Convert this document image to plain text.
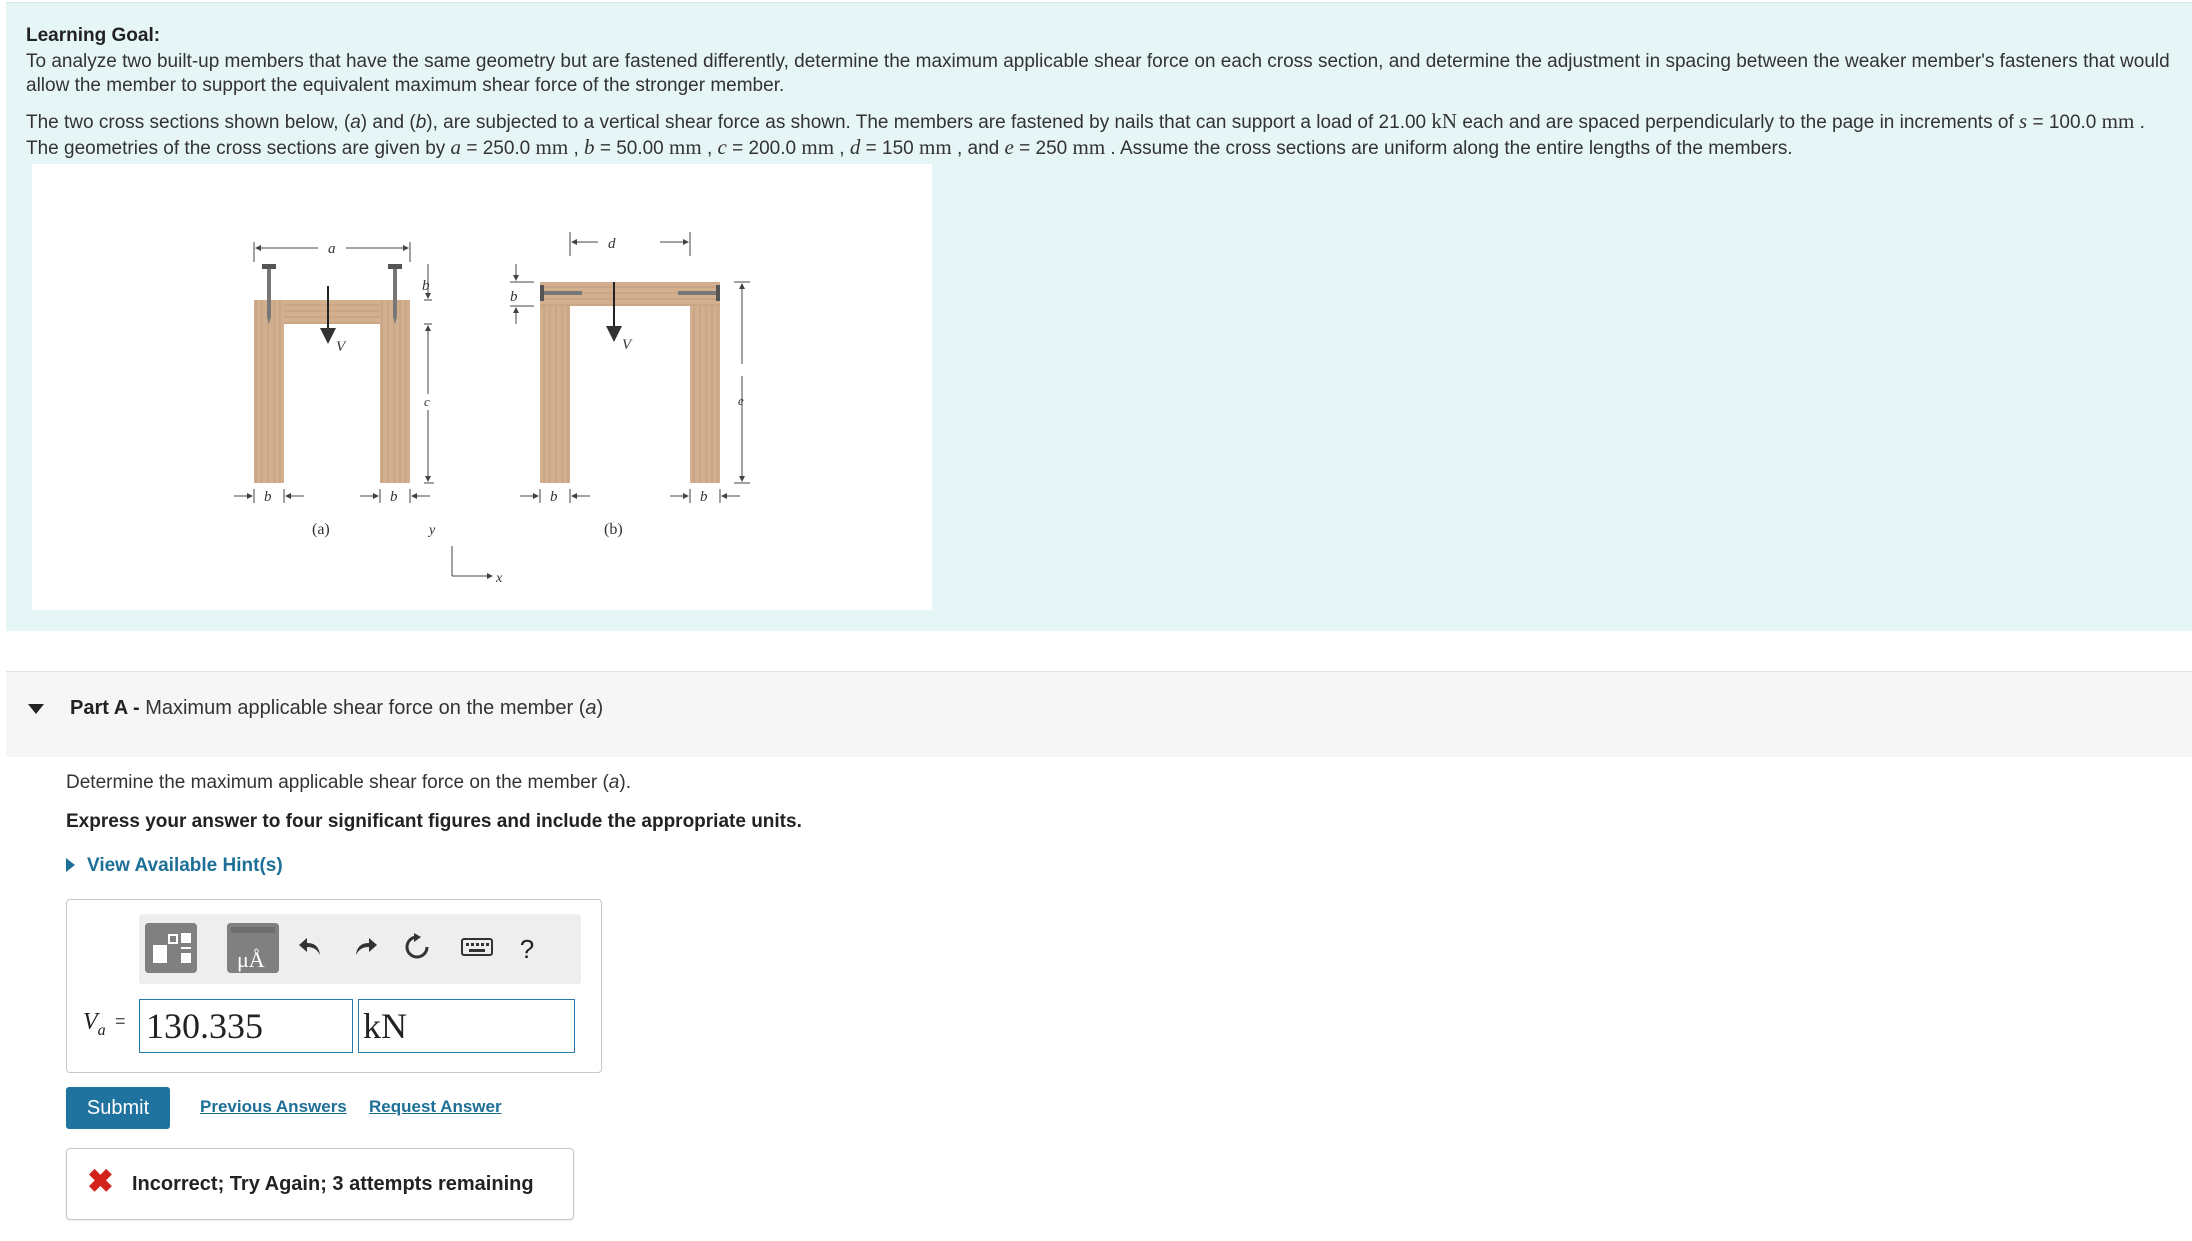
Learning Goal:

To analyze two built-up members that have the same geometry but are fastened differently, determine the maximum applicable shear force on each cross section, and determine the adjustment in spacing between the weaker member's fasteners that would allow the member to support the equivalent maximum shear force of the stronger member.

The two cross sections shown below, (a) and (b), are subjected to a vertical shear force as shown. The members are fastened by nails that can support a load of 21.00 kN each and are spaced perpendicularly to the page in increments of s = 100.0 mm . The geometries of the cross sections are given by a = 250.0 mm , b = 50.00 mm , c = 200.0 mm , d = 150 mm , and e = 250 mm . Assume the cross sections are uniform along the entire lengths of the members.

V
a
b
c
b	b
(a)	y
x
V
d
b
e
b	b
(b)
Part A - Maximum applicable shear force on the member (a)
Determine the maximum applicable shear force on the member (a).
Express your answer to four significant figures and include the appropriate units.
View Available Hint(s)
μÅ	?
$V_a = 130.335$	kN
Submit	Previous Answers Request Answer
✖ Incorrect; Try Again; 3 attempts remaining
